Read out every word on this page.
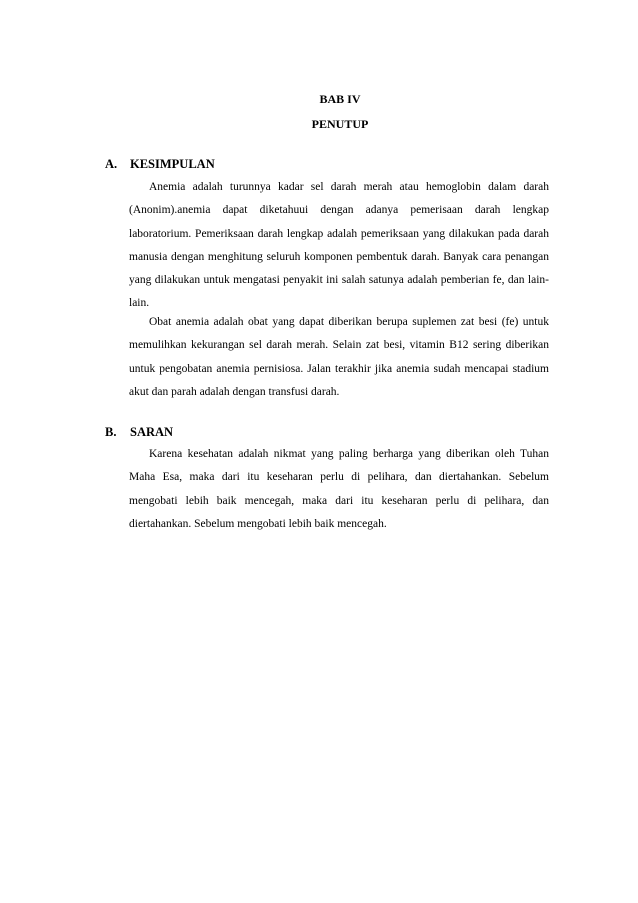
BAB IV
PENUTUP
A. KESIMPULAN

Anemia adalah turunnya kadar sel darah merah atau hemoglobin dalam darah (Anonim).anemia dapat diketahuui dengan adanya pemerisaan darah lengkap laboratorium. Pemeriksaan darah lengkap adalah pemeriksaan yang dilakukan pada darah manusia dengan menghitung seluruh komponen pembentuk darah. Banyak cara penangan yang dilakukan untuk mengatasi penyakit ini salah satunya adalah pemberian fe, dan lain-lain.

Obat anemia adalah obat yang dapat diberikan berupa suplemen zat besi (fe) untuk memulihkan kekurangan sel darah merah. Selain zat besi, vitamin B12 sering diberikan untuk pengobatan anemia pernisiosa. Jalan terakhir jika anemia sudah mencapai stadium akut dan parah adalah dengan transfusi darah.

B. SARAN

Karena kesehatan adalah nikmat yang paling berharga yang diberikan oleh Tuhan Maha Esa, maka dari itu keseharan perlu di pelihara, dan diertahankan. Sebelum mengobati lebih baik mencegah, maka dari itu keseharan perlu di pelihara, dan diertahankan. Sebelum mengobati lebih baik mencegah.
